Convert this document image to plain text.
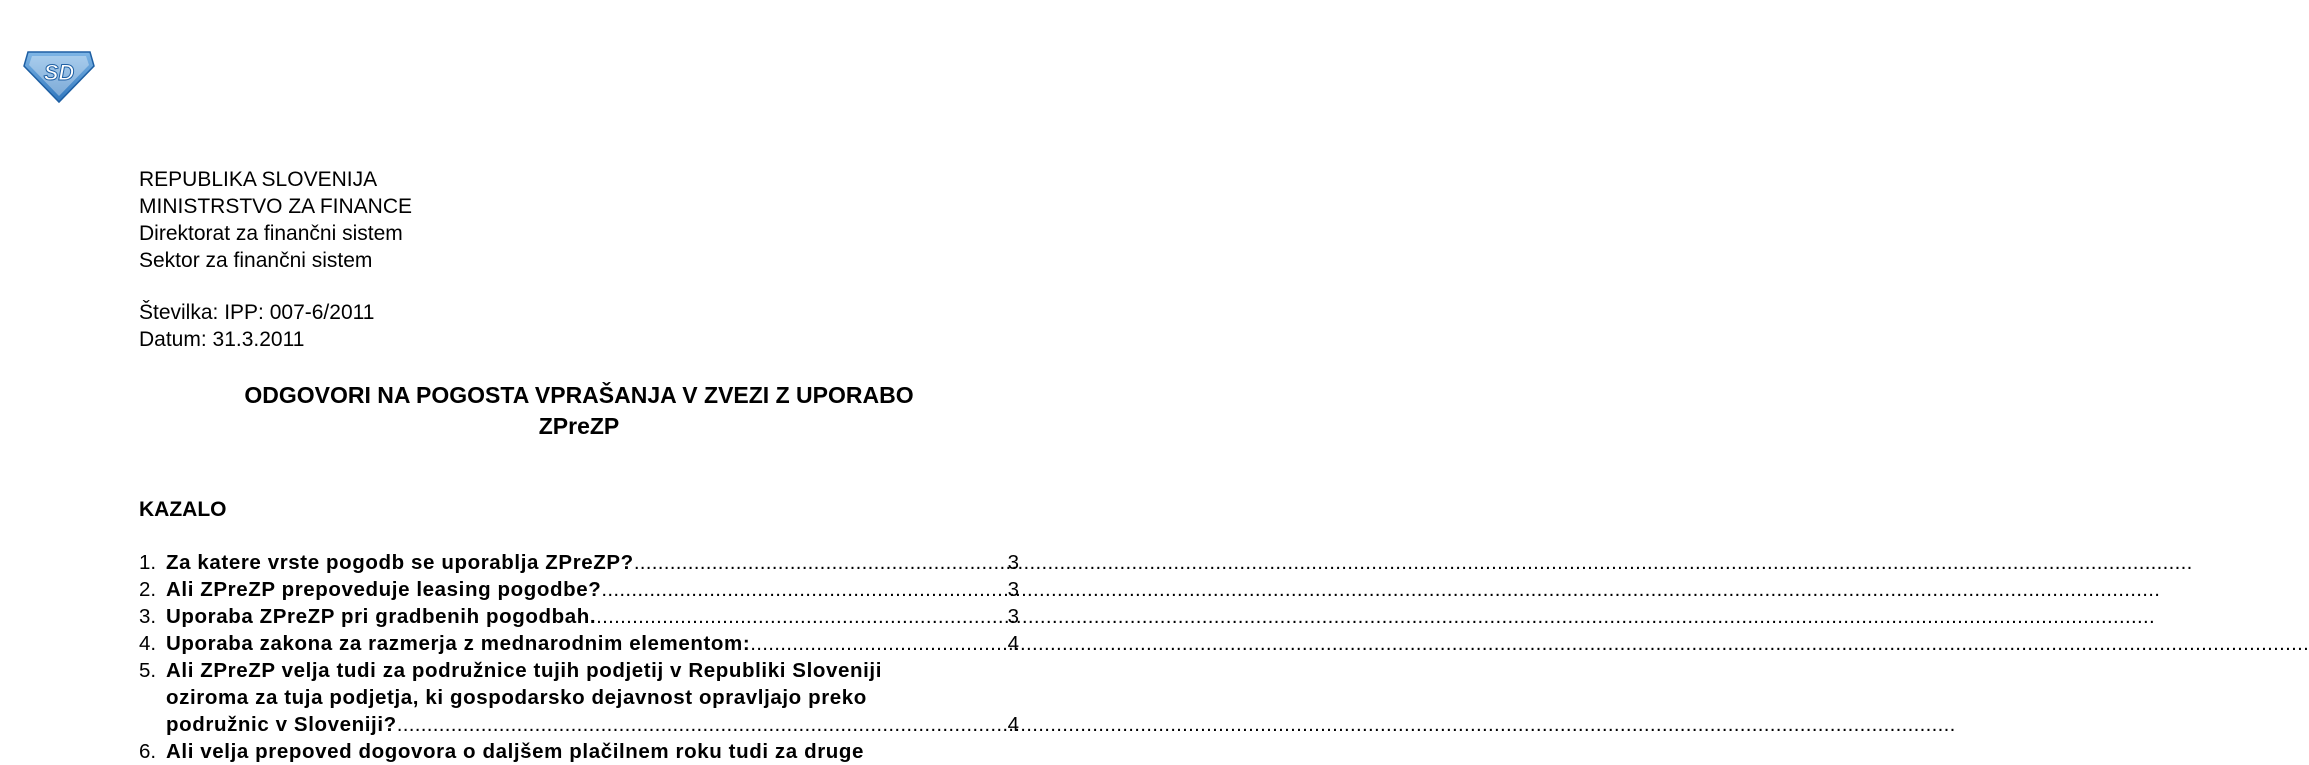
SD
REPUBLIKA SLOVENIJA
MINISTRSTVO ZA FINANCE
Direktorat za finančni sistem
Sektor za finančni sistem
Številka: IPP: 007-6/2011
Datum: 31.3.2011
ODGOVORI NA POGOSTA VPRAŠANJA V ZVEZI Z UPORABO
ZPreZP
KAZALO
1. Za katere vrste pogodb se uporablja ZPreZP? .....	3
2. Ali ZPreZP prepoveduje leasing pogodbe? .....	3
3. Uporaba ZPreZP pri gradbenih pogodbah. .....	3
4. Uporaba zakona za razmerja z mednarodnim elementom: .....	4
5. Ali ZPreZP velja tudi za podružnice tujih podjetij v Republiki Sloveniji
oziroma za tuja podjetja, ki gospodarsko dejavnost opravljajo preko
podružnic v Sloveniji? .....	4
6. Ali velja prepoved dogovora o daljšem plačilnem roku tudi za druge
